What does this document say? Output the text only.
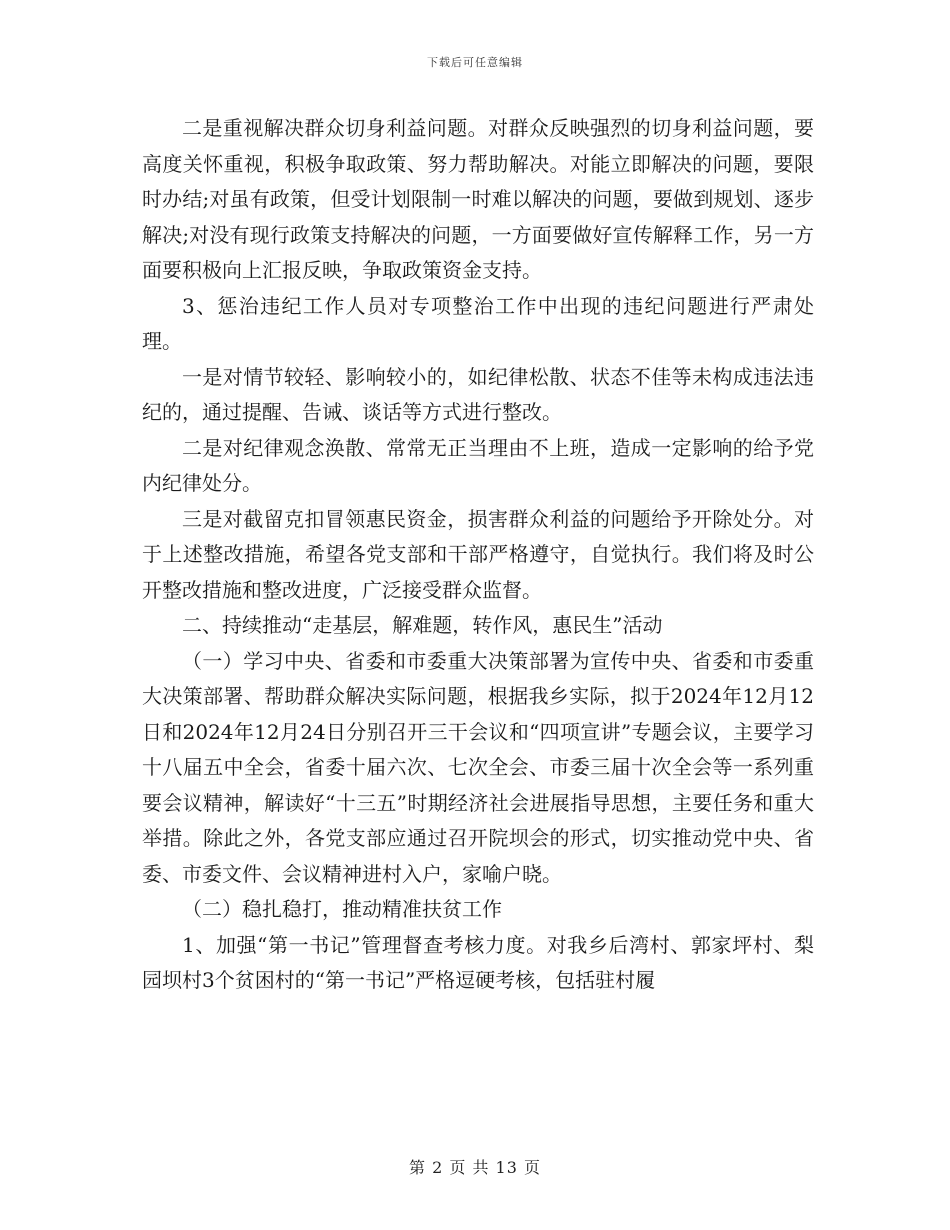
下载后可任意编辑

二是重视解决群众切身利益问题。对群众反映强烈的切身利益问题，要高度关怀重视，积极争取政策、努力帮助解决。对能立即解决的问题，要限时办结;对虽有政策，但受计划限制一时难以解决的问题，要做到规划、逐步解决;对没有现行政策支持解决的问题，一方面要做好宣传解释工作，另一方面要积极向上汇报反映，争取政策资金支持。

3、惩治违纪工作人员对专项整治工作中出现的违纪问题进行严肃处理。

一是对情节较轻、影响较小的，如纪律松散、状态不佳等未构成违法违纪的，通过提醒、告诫、谈话等方式进行整改。

二是对纪律观念涣散、常常无正当理由不上班，造成一定影响的给予党内纪律处分。

三是对截留克扣冒领惠民资金，损害群众利益的问题给予开除处分。对于上述整改措施，希望各党支部和干部严格遵守，自觉执行。我们将及时公开整改措施和整改进度，广泛接受群众监督。

二、持续推动“走基层，解难题，转作风，惠民生”活动

（一）学习中央、省委和市委重大决策部署为宣传中央、省委和市委重大决策部署、帮助群众解决实际问题，根据我乡实际，拟于2024年12月12日和2024年12月24日分别召开三干会议和“四项宣讲”专题会议，主要学习十八届五中全会，省委十届六次、七次全会、市委三届十次全会等一系列重要会议精神，解读好“十三五”时期经济社会进展指导思想，主要任务和重大举措。除此之外，各党支部应通过召开院坝会的形式，切实推动党中央、省委、市委文件、会议精神进村入户，家喻户晓。

（二）稳扎稳打，推动精准扶贫工作

1、加强“第一书记”管理督查考核力度。对我乡后湾村、郭家坪村、梨园坝村3个贫困村的“第一书记”严格逗硬考核，包括驻村履

第 2 页 共 13 页
